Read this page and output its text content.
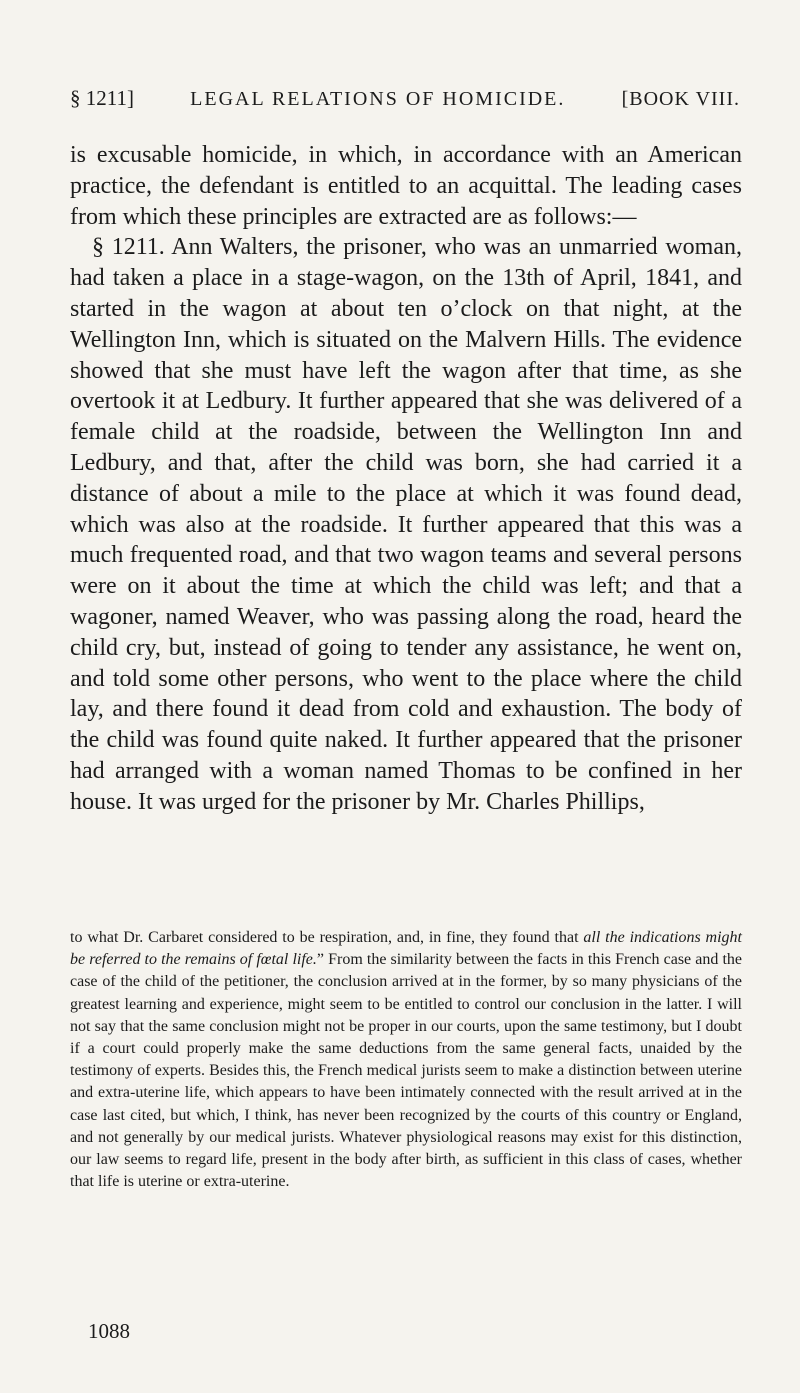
§ 1211]	LEGAL RELATIONS OF HOMICIDE.	[BOOK VIII.

is excusable homicide, in which, in accordance with an American practice, the defendant is entitled to an acquittal. The leading cases from which these principles are extracted are as follows:—

§ 1211. Ann Walters, the prisoner, who was an unmarried woman, had taken a place in a stage-wagon, on the 13th of April, 1841, and started in the wagon at about ten o’clock on that night, at the Wellington Inn, which is situated on the Malvern Hills. The evidence showed that she must have left the wagon after that time, as she overtook it at Ledbury. It further appeared that she was delivered of a female child at the roadside, between the Wellington Inn and Ledbury, and that, after the child was born, she had carried it a distance of about a mile to the place at which it was found dead, which was also at the roadside. It further appeared that this was a much frequented road, and that two wagon teams and several persons were on it about the time at which the child was left; and that a wagoner, named Weaver, who was passing along the road, heard the child cry, but, instead of going to tender any assistance, he went on, and told some other persons, who went to the place where the child lay, and there found it dead from cold and exhaustion. The body of the child was found quite naked. It further appeared that the prisoner had arranged with a woman named Thomas to be confined in her house. It was urged for the prisoner by Mr. Charles Phillips,

to what Dr. Carbaret considered to be respiration, and, in fine, they found that all the indications might be referred to the remains of fœtal life.” From the similarity between the facts in this French case and the case of the child of the petitioner, the conclusion arrived at in the former, by so many physicians of the greatest learning and experience, might seem to be entitled to control our conclusion in the latter. I will not say that the same conclusion might not be proper in our courts, upon the same testimony, but I doubt if a court could properly make the same deductions from the same general facts, unaided by the testimony of experts. Besides this, the French medical jurists seem to make a distinction between uterine and extra-uterine life, which appears to have been intimately connected with the result arrived at in the case last cited, but which, I think, has never been recognized by the courts of this country or England, and not generally by our medical jurists. Whatever physiological reasons may exist for this distinction, our law seems to regard life, present in the body after birth, as sufficient in this class of cases, whether that life is uterine or extra-uterine.

1088
